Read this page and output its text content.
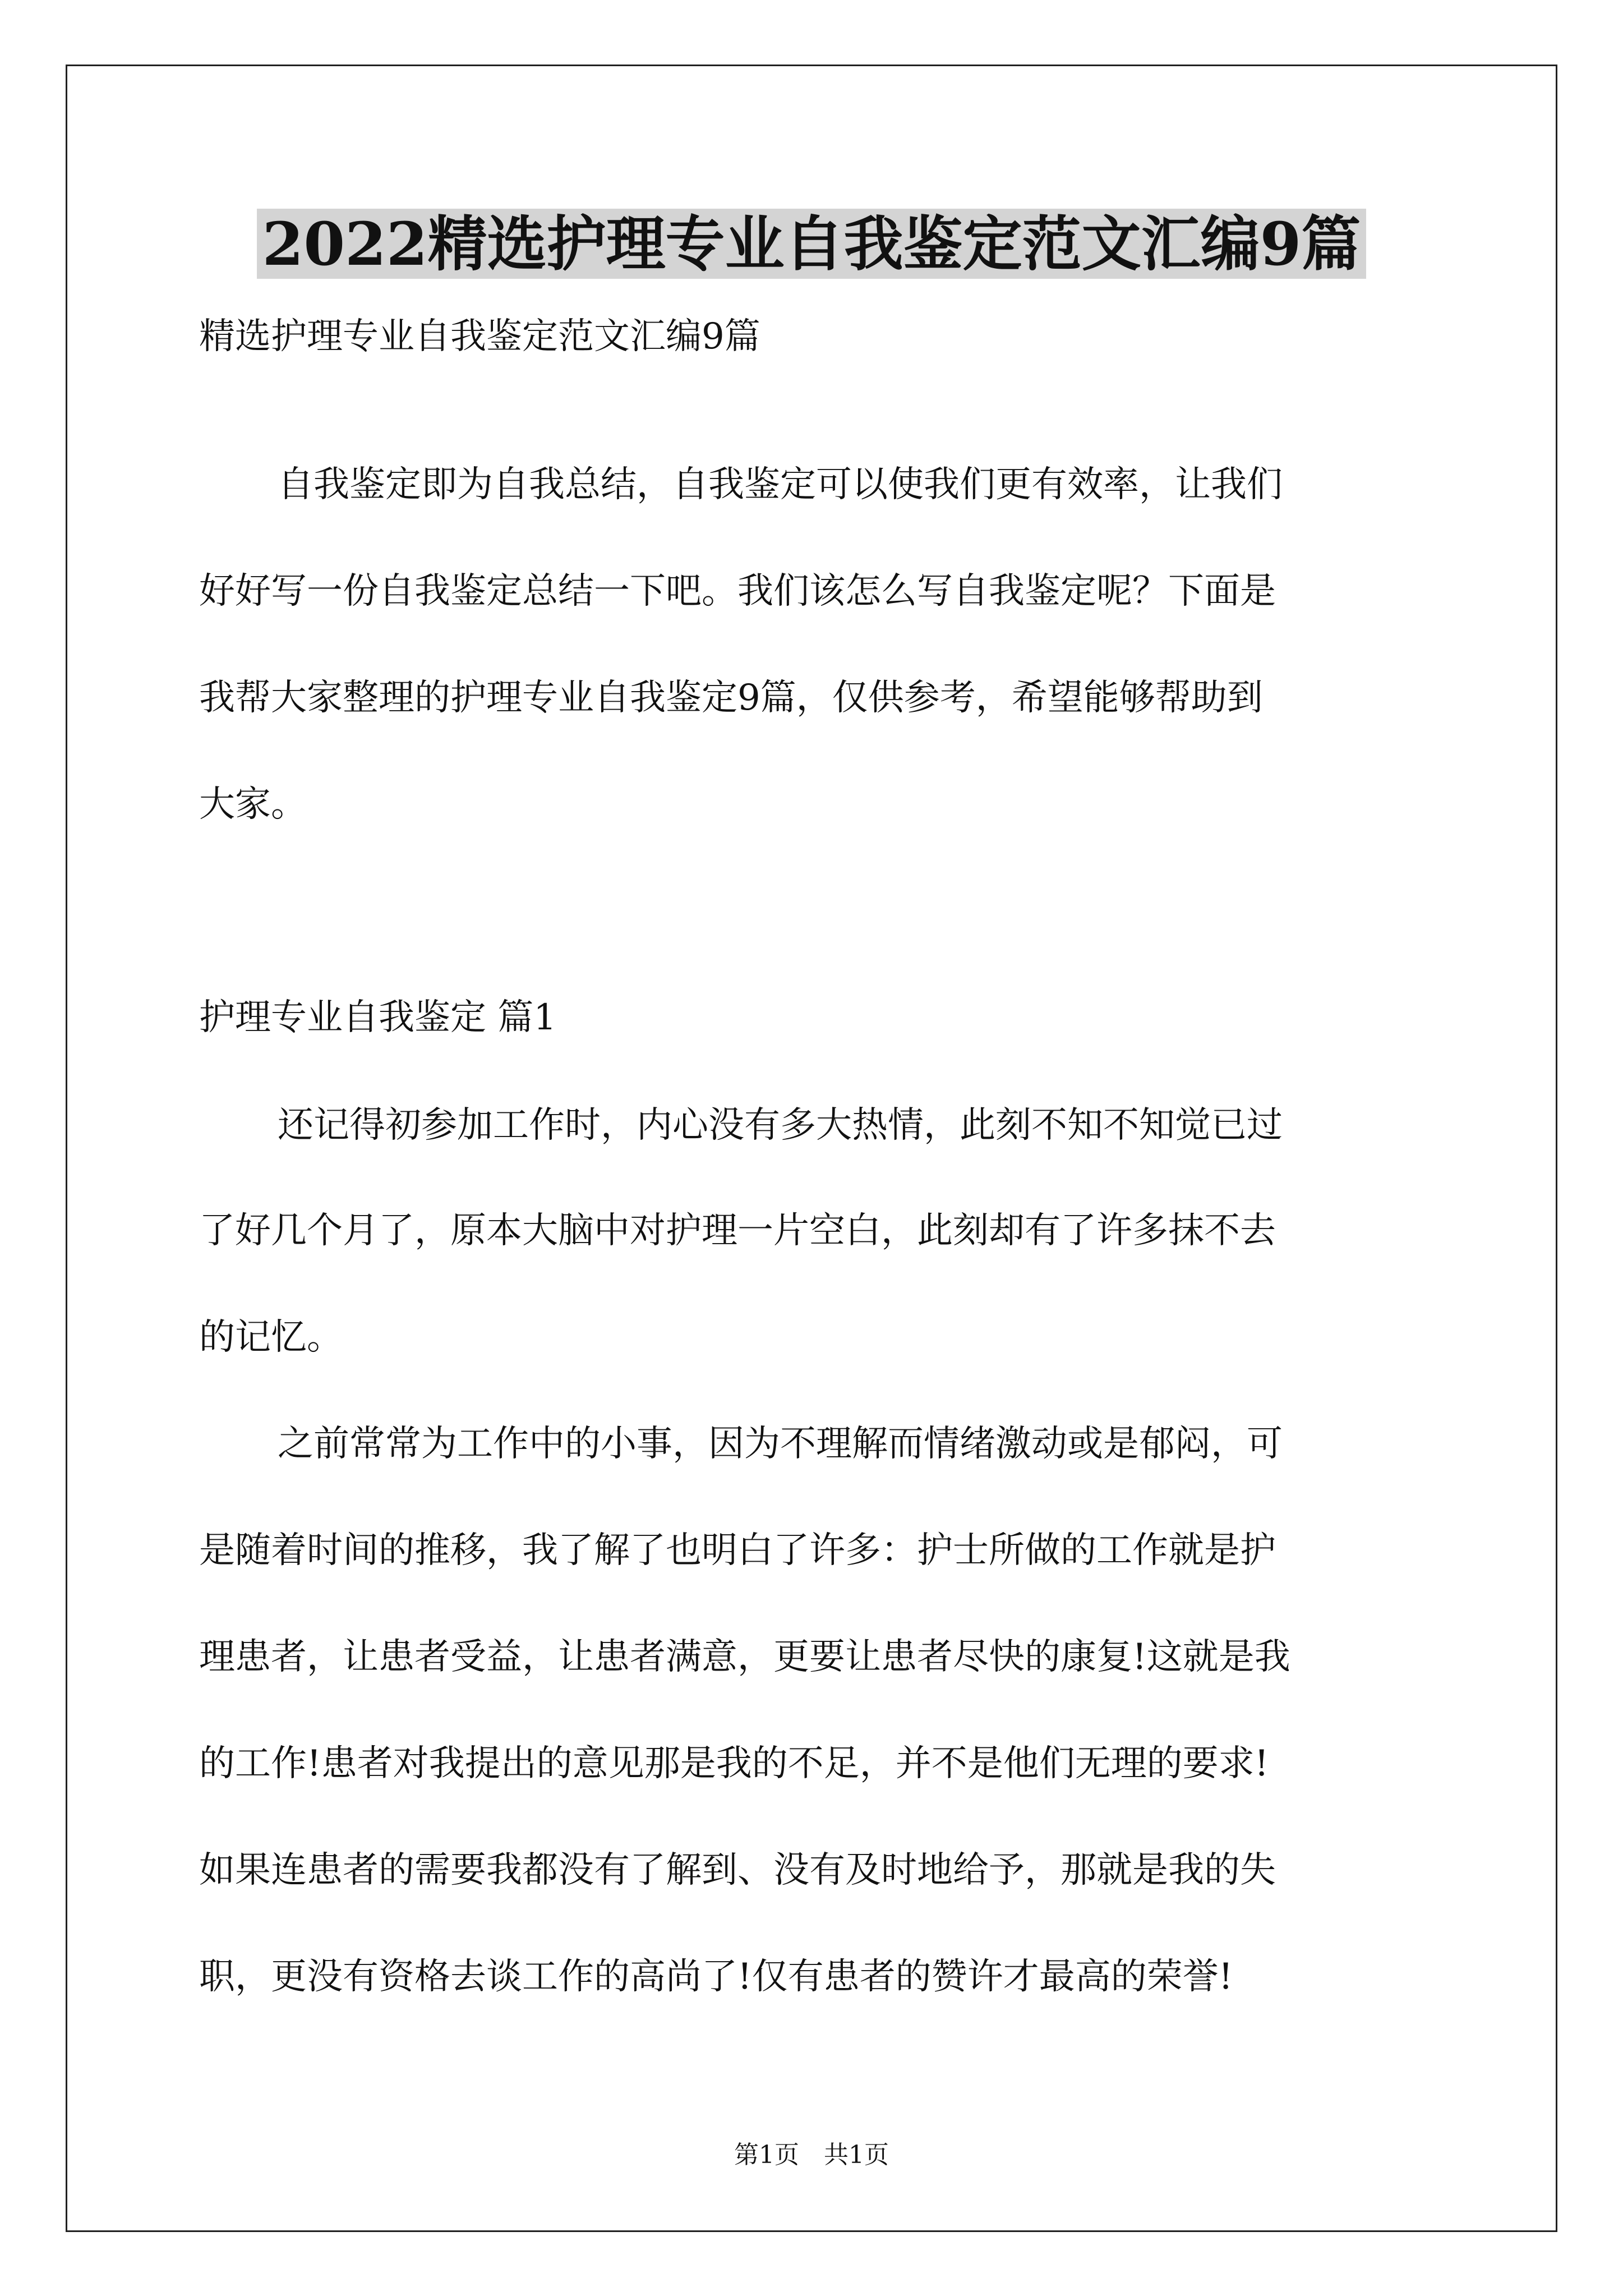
2022精选护理专业自我鉴定范文汇编9篇

精选护理专业自我鉴定范文汇编9篇

自我鉴定即为自我总结，自我鉴定可以使我们更有效率，让我们

好好写一份自我鉴定总结一下吧。我们该怎么写自我鉴定呢？下面是

我帮大家整理的护理专业自我鉴定9篇，仅供参考，希望能够帮助到

大家。

护理专业自我鉴定 篇1

还记得初参加工作时，内心没有多大热情，此刻不知不知觉已过

了好几个月了，原本大脑中对护理一片空白，此刻却有了许多抹不去

的记忆。

之前常常为工作中的小事，因为不理解而情绪激动或是郁闷，可

是随着时间的推移，我了解了也明白了许多：护士所做的工作就是护

理患者，让患者受益，让患者满意，更要让患者尽快的康复!这就是我

的工作!患者对我提出的意见那是我的不足，并不是他们无理的要求!

如果连患者的需要我都没有了解到、没有及时地给予，那就是我的失

职，更没有资格去谈工作的高尚了!仅有患者的赞许才最高的荣誉!

第1页　共1页
